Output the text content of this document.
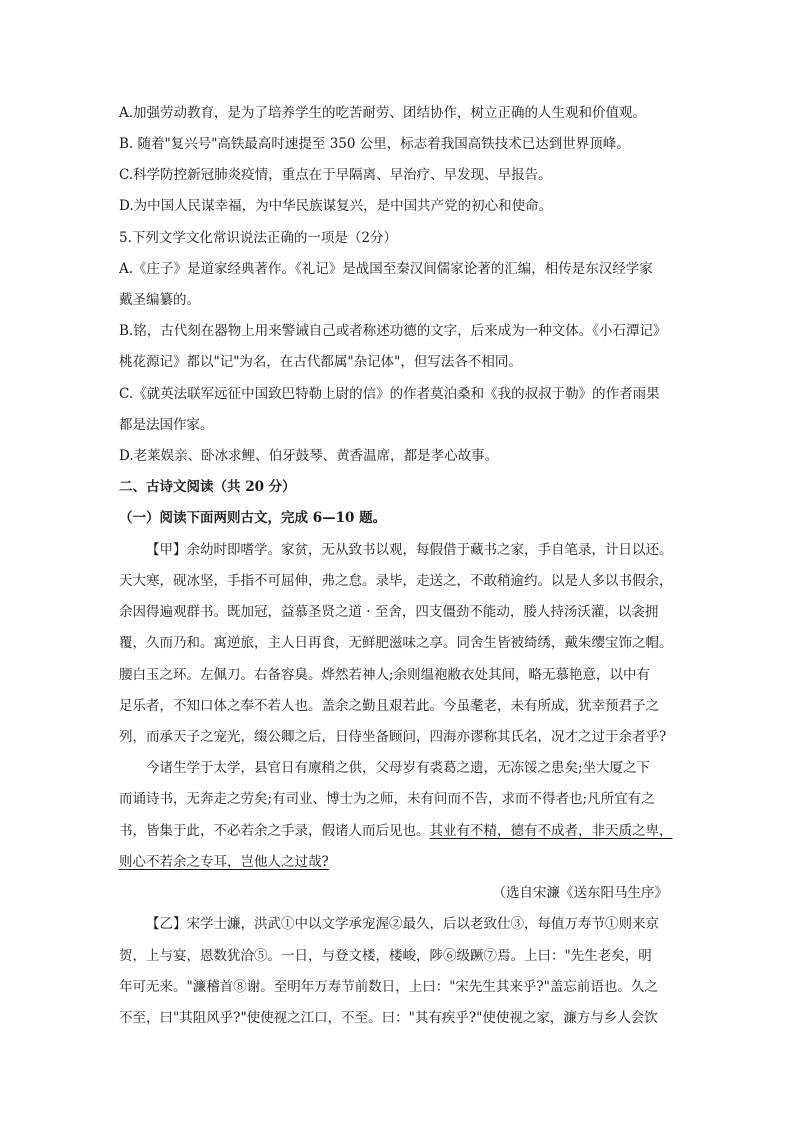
A.加强劳动教育，是为了培养学生的吃苦耐劳、团结协作，树立正确的人生观和价值观。
B. 随着"复兴号"高铁最高时速提至 350 公里，标志着我国高铁技术已达到世界顶峰。
C.科学防控新冠肺炎疫情，重点在于早隔离、早治疗、早发现、早报告。
D.为中国人民谋幸福，为中华民族谋复兴，是中国共产党的初心和使命。
5.下列文学文化常识说法正确的一项是（2分）
A.《庄子》是道家经典著作。《礼记》是战国至秦汉间儒家论著的汇编，相传是东汉经学家
戴圣编纂的。
B.铭，古代刻在器物上用来警诫自己或者称述功德的文字，后来成为一种文体。《小石潭记》
桃花源记》都以"记"为名，在古代都属"杂记体"，但写法各不相同。
C.《就英法联军远征中国致巴特勒上尉的信》的作者莫泊桑和《我的叔叔于勒》的作者雨果
都是法国作家。
D.老莱娱亲、卧冰求鲤、伯牙鼓琴、黄香温席，都是孝心故事。
二、古诗文阅读（共 20 分）
（一）阅读下面两则古文，完成 6—10 题。
【甲】余幼时即嗜学。家贫，无从致书以观，每假借于藏书之家，手自笔录，计日以还。
天大寒，砚冰坚，手指不可屈伸，弗之怠。录毕，走送之，不敢稍逾约。以是人多以书假余，
余因得遍观群书。既加冠，益慕圣贤之道 · 至舍，四支僵劲不能动，媵人持汤沃灌，以衾拥
覆，久而乃和。寓逆旅，主人日再食，无鲜肥滋味之享。同舍生皆被绮绣，戴朱缨宝饰之帽。
腰白玉之环。左佩刀。右备容臭。烨然若神人;余则缊袍敝衣处其间，略无慕艳意，以中有
足乐者，不知口体之奉不若人也。盖余之勤且艰若此。今虽耄老，未有所成，犹幸预君子之
列，而承天子之宠光，缀公卿之后，日侍坐备顾问，四海亦谬称其氏名，况才之过于余者乎?
今诸生学于太学，县官日有廪稍之供，父母岁有裘葛之遗，无冻馁之患矣;坐大厦之下
而诵诗书，无奔走之劳矣;有司业、博士为之师，未有问而不告，求而不得者也;凡所宜有之
书，皆集于此，不必若余之手录，假诸人而后见也。其业有不精，德有不成者，非天质之卑，
则心不若余之专耳，岂他人之过哉?
（选自宋濂《送东阳马生序》
【乙】宋学士濂，洪武①中以文学承宠渥②最久，后以老致仕③，每值万寿节①则来京
贺，上与宴，恩数犹洽⑤。一日，与登文楼，楼峻，陟⑥级蹶⑦焉。上曰："先生老矣，明
年可无来。"濂稽首⑧谢。至明年万寿节前数日，上曰："宋先生其来乎?"盖忘前语也。久之
不至，曰"其阻风乎?"使使视之江口，不至。曰："其有疾乎?"使使视之家，濂方与乡人会饮
